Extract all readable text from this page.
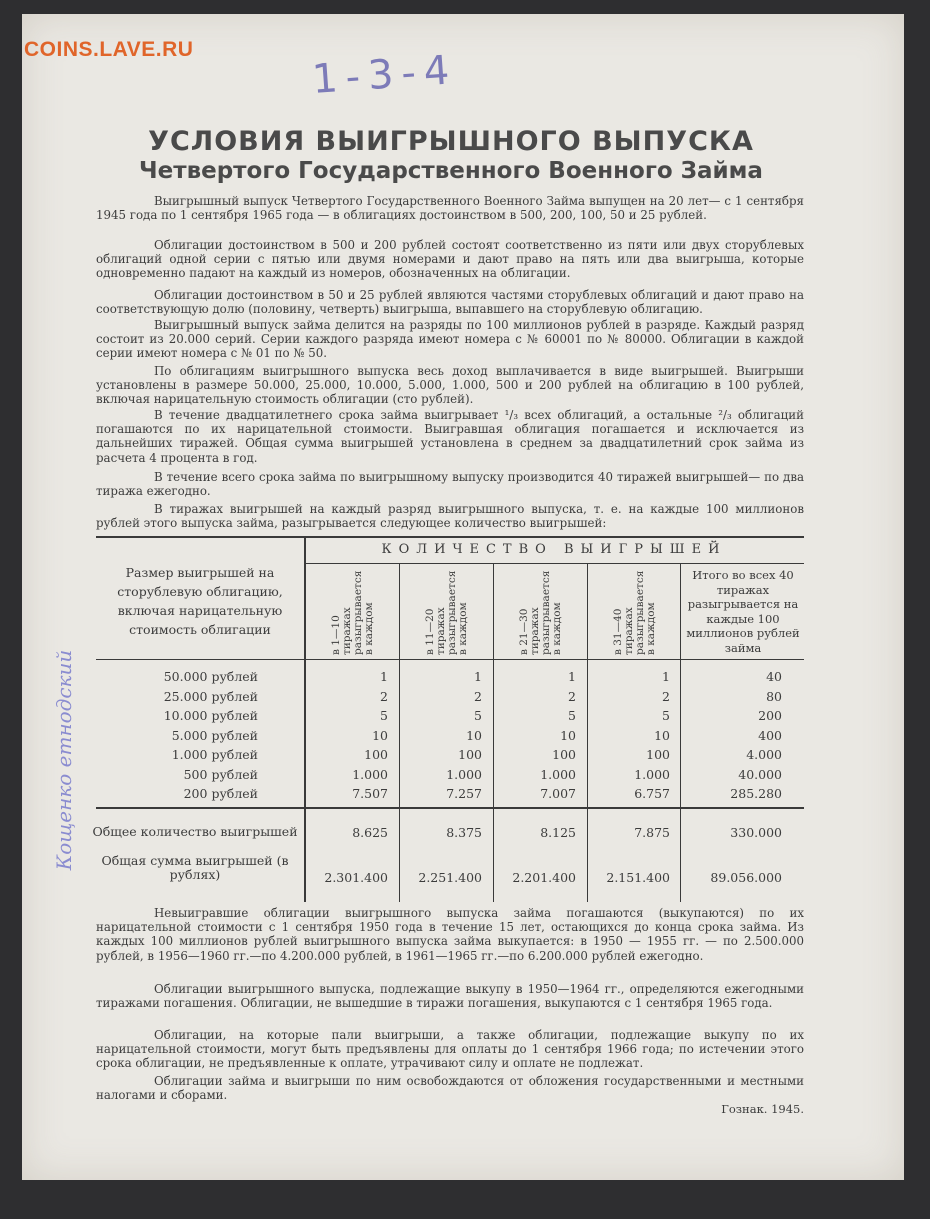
COINS.LAVE.RU	1-3-4
Кощенко етнодский
УСЛОВИЯ ВЫИГРЫШНОГО ВЫПУСКА
Четвертого Государственного Военного Займа

Выигрышный выпуск Четвертого Государственного Военного Займа выпущен на 20 лет— с 1 сентября 1945 года по 1 сентября 1965 года — в облигациях достоинством в 500, 200, 100, 50 и 25 рублей.

Облигации достоинством в 500 и 200 рублей состоят соответственно из пяти или двух сторублевых облигаций одной серии с пятью или двумя номерами и дают право на пять или два выигрыша, которые одновременно падают на каждый из номеров, обозначенных на облигации.

Облигации достоинством в 50 и 25 рублей являются частями сторублевых облигаций и дают право на соответствующую долю (половину, четверть) выигрыша, выпавшего на сторублевую облигацию.

Выигрышный выпуск займа делится на разряды по 100 миллионов рублей в разряде. Каждый разряд состоит из 20.000 серий. Серии каждого разряда имеют номера с № 60001 по № 80000. Облигации в каждой серии имеют номера с № 01 по № 50.

По облигациям выигрышного выпуска весь доход выплачивается в виде выигрышей. Выигрыши установлены в размере 50.000, 25.000, 10.000, 5.000, 1.000, 500 и 200 рублей на облигацию в 100 рублей, включая нарицательную стоимость облигации (сто рублей).

В течение двадцатилетнего срока займа выигрывает ¹/₃ всех облигаций, а остальные ²/₃ облигаций погашаются по их нарицательной стоимости. Выигравшая облигация погашается и исключается из дальнейших тиражей. Общая сумма выигрышей установлена в среднем за двадцатилетний срок займа из расчета 4 процента в год.

В течение всего срока займа по выигрышному выпуску производится 40 тиражей выигрышей— по два тиража ежегодно.

В тиражах выигрышей на каждый разряд выигрышного выпуска, т. е. на каждые 100 миллионов рублей этого выпуска займа, разыгрывается следующее количество выигрышей:

Размер выигрышей на сторублевую облигацию, включая нарицательную стоимость облигации
КОЛИЧЕСТВО ВЫИГРЫШЕЙ
в 1—10 тиражах разыгрывается в каждом	в 11—20 тиражах разыгрывается в каждом	в 21—30 тиражах разыгрывается в каждом	в 31—40 тиражах разыгрывается в каждом
Итого во всех 40 тиражах разыгрывается на каждые 100 миллионов рублей займа
50.000 рублей	1	1	1	1	40
25.000 рублей	2	2	2	2	80
10.000 рублей	5	5	5	5	200
5.000 рублей	10	10	10	10	400
1.000 рублей	100	100	100	100	4.000
500 рублей	1.000	1.000	1.000	1.000	40.000
200 рублей	7.507	7.257	7.007	6.757	285.280
Общее количество выигрышей	8.625	8.375	8.125	7.875	330.000
Общая сумма выигрышей (в рублях)	2.301.400	2.251.400	2.201.400	2.151.400	89.056.000

Невыигравшие облигации выигрышного выпуска займа погашаются (выкупаются) по их нарицательной стоимости с 1 сентября 1950 года в течение 15 лет, остающихся до конца срока займа. Из каждых 100 миллионов рублей выигрышного выпуска займа выкупается: в 1950 — 1955 гг. — по 2.500.000 рублей, в 1956—1960 гг.—по 4.200.000 рублей, в 1961—1965 гг.—по 6.200.000 рублей ежегодно.

Облигации выигрышного выпуска, подлежащие выкупу в 1950—1964 гг., определяются ежегодными тиражами погашения. Облигации, не вышедшие в тиражи погашения, выкупаются с 1 сентября 1965 года.

Облигации, на которые пали выигрыши, а также облигации, подлежащие выкупу по их нарицательной стоимости, могут быть предъявлены для оплаты до 1 сентября 1966 года; по истечении этого срока облигации, не предъявленные к оплате, утрачивают силу и оплате не подлежат.

Облигации займа и выигрыши по ним освобождаются от обложения государственными и местными налогами и сборами.

Гознак. 1945.
